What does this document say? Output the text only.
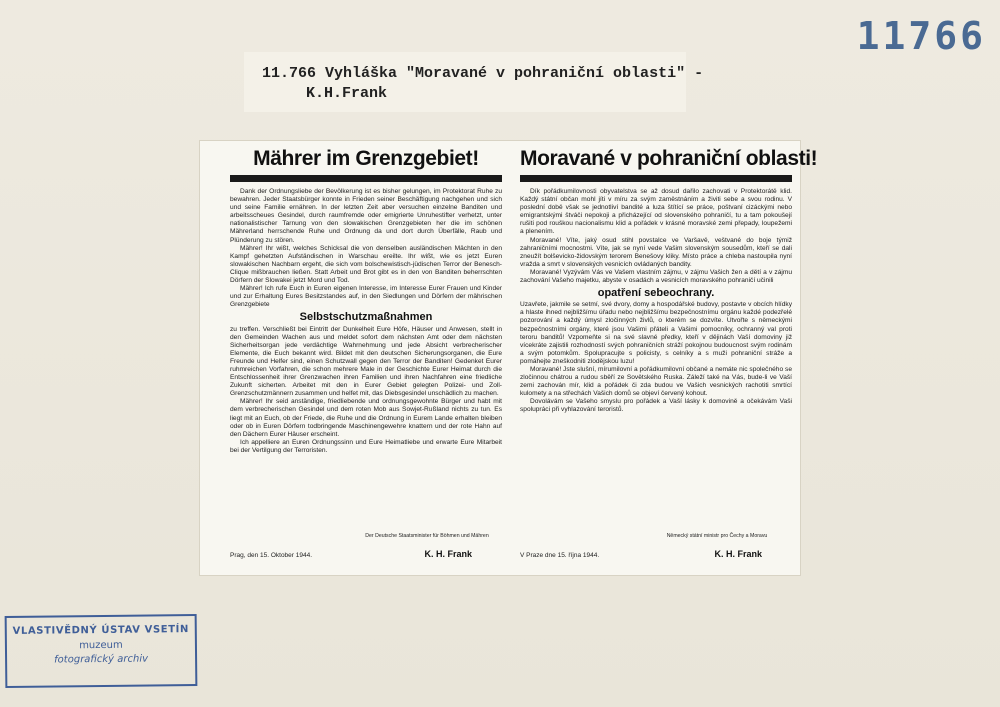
11766
11.766 Vyhláška "Moravané v pohraniční oblasti" -
K.H.Frank
Mährer im Grenzgebiet!

Dank der Ordnungsliebe der Bevölkerung ist es bisher gelungen, im Protektorat Ruhe zu bewahren. Jeder Staatsbürger konnte in Frieden seiner Beschäftigung nachgehen und sich und seine Familie ernähren. In der letzten Zeit aber versuchen einzelne Banditen und arbeitsscheues Gesindel, durch raumfremde oder emigrierte Unruhestifter verhetzt, unter nationalistischer Tarnung von den slowakischen Grenzgebieten her die im schönen Mährerland herrschende Ruhe und Ordnung da und dort durch Überfälle, Raub und Plünderung zu stören.

Mährer! Ihr wißt, welches Schicksal die von denselben ausländischen Mächten in den Kampf gehetzten Aufständischen in Warschau ereilte. Ihr wißt, wie es jetzt Euren slowakischen Nachbarn ergeht, die sich vom bolschewistisch-jüdischen Terror der Benesch-Clique mißbrauchen ließen. Statt Arbeit und Brot gibt es in den von Banditen beherrschten Dörfern der Slowakei jetzt Mord und Tod.

Mährer! Ich rufe Euch in Euren eigenen Interesse, im Interesse Eurer Frauen und Kinder und zur Erhaltung Eures Besitzstandes auf, in den Siedlungen und Dörfern der mährischen Grenzgebiete

Selbstschutzmaßnahmen

zu treffen. Verschließt bei Eintritt der Dunkelheit Eure Höfe, Häuser und Anwesen, stellt in den Gemeinden Wachen aus und meldet sofort dem nächsten Amt oder dem nächsten Sicherheitsorgan jede verdächtige Wahrnehmung und jede Absicht verbrecherischer Elemente, die Euch bekannt wird. Bildet mit den deutschen Sicherungsorganen, die Eure Freunde und Helfer sind, einen Schutzwall gegen den Terror der Banditen! Gedenket Eurer ruhmreichen Vorfahren, die schon mehrere Male in der Geschichte Eurer Heimat durch die Entschlossenheit ihrer Grenzwachen ihren Familien und ihren Nachfahren eine friedliche Zukunft sicherten. Arbeitet mit den in Eurer Gebiet gelegten Polizei- und Zoll-Grenzschutzmännern zusammen und helfet mit, das Diebsgesindel unschädlich zu machen.

Mährer! Ihr seid anständige, friedliebende und ordnungsgewohnte Bürger und habt mit dem verbrecherischen Gesindel und dem roten Mob aus Sowjet-Rußland nichts zu tun. Es liegt mit an Euch, ob der Friede, die Ruhe und die Ordnung in Eurem Lande erhalten bleiben oder ob in Euren Dörfern todbringende Maschinengewehre knattern und der rote Hahn auf den Dächern Eurer Häuser erscheint.

Ich appelliere an Euren Ordnungssinn und Eure Heimatliebe und erwarte Eure Mitarbeit bei der Vertilgung der Terroristen.

Prag, den 15. Oktober 1944.
Der Deutsche Staatsminister für Böhmen und Mähren
K. H. Frank
Moravané v pohraniční oblasti!

Dík pořádkumilovnosti obyvatelstva se až dosud dařilo zachovati v Protektorátě klid. Každý státní občan mohl jíti v míru za svým zaměstnáním a živiti sebe a svou rodinu. V poslední době však se jednotliví bandité a luza štítící se práce, poštvaní cizáckými nebo emigrantskými štváči nepokoji a přicházející od slovenského pohraničí, tu a tam pokoušejí rušiti pod rouškou nacionalismu klid a pořádek v krásné moravské zemi přepady, loupežemi a plenením.

Moravané! Víte, jaký osud stihl povstalce ve Varšavě, veštvané do boje týmiž zahraničními mocnostmi. Víte, jak se nyní vede Vašim slovenským sousedům, kteří se dali zneužít bolševicko-židovským terorem Benešovy kliky. Místo práce a chleba nastoupila nyní vražda a smrt v slovenských vesnicích ovládaných bandity.

Moravané! Vyzývám Vás ve Vašem vlastním zájmu, v zájmu Vašich žen a dětí a v zájmu zachování Vašeho majetku, abyste v osadách a vesnicích moravského pohraničí učinili

opatření sebeochrany.

Uzavřete, jakmile se setmí, své dvory, domy a hospodářské budovy, postavte v obcích hlídky a hlaste ihned nejbližšímu úřadu nebo nejbližšímu bezpečnostnímu orgánu každé podezřelé pozorování a každý úmysl zločinných živlů, o kterém se dozvíte. Utvořte s německými bezpečnostními orgány, které jsou Vašimi přáteli a Vašimi pomocníky, ochranný val proti teroru banditů! Vzpomeňte si na své slavné předky, kteří v dějinách Vaší domoviny již vícekráte zajistili rozhodností svých pohraničních stráží pokojnou budoucnost svým rodinám a svým potomkům. Spolupracujte s policisty, s celníky a s muži pohraniční stráže a pomáhejte zneškodniti zlodějskou luzu!

Moravané! Jste slušní, mírumilovní a pořádkumilovní občané a nemáte nic společného se zločinnou chátrou a rudou sběří ze Sovětského Ruska. Záleží také na Vás, bude-li ve Vaší zemi zachován mír, klid a pořádek či zda budou ve Vašich vesnických rachotiti smrtící kulomety a na střechách Vašich domů se objeví červený kohout.

Dovolávám se Vašeho smyslu pro pořádek a Vaší lásky k domovině a očekávám Vaši spolupráci při vyhlazování teroristů.

V Praze dne 15. října 1944.
Německý státní ministr pro Čechy a Moravu
K. H. Frank
VLASTIVĚDNÝ ÚSTAV VSETÍN
muzeum
fotografický archiv
